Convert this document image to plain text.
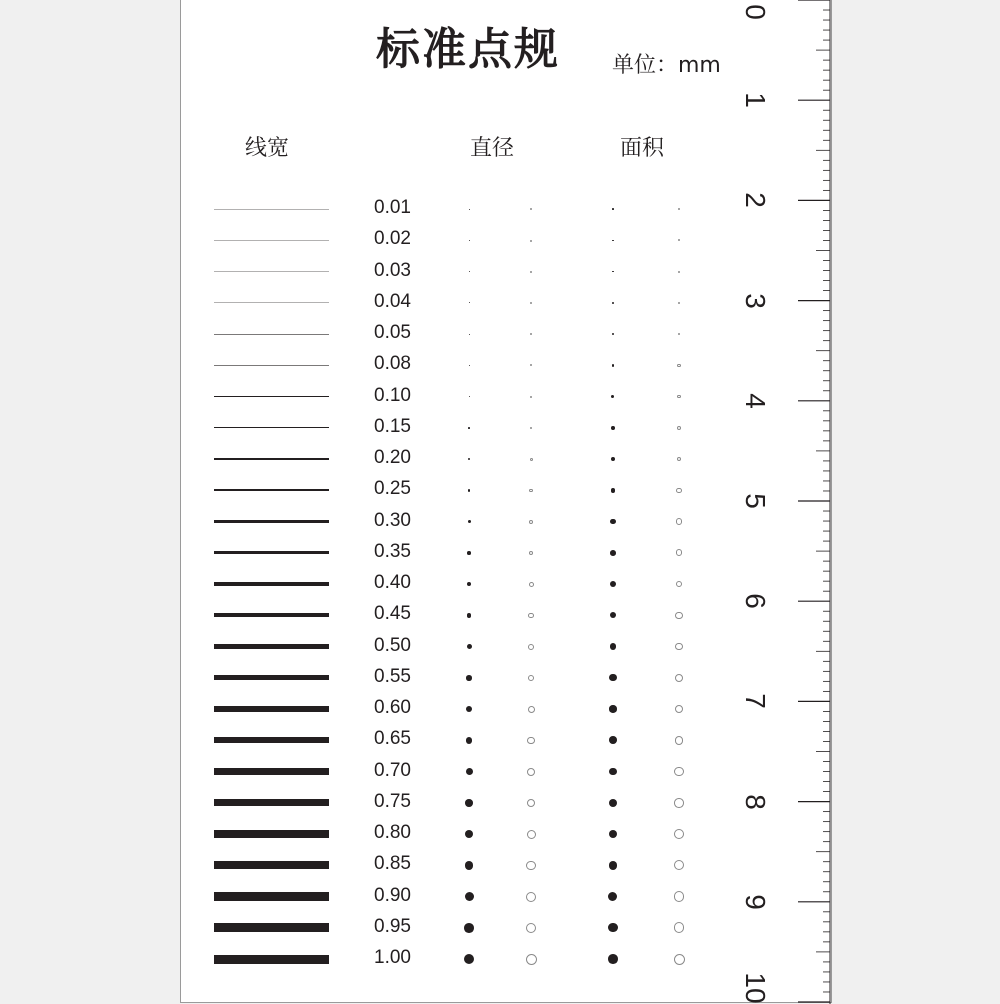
标准点规 单位：mm
线宽	直径	面积
0.01
0.02
0.03
0.04
0.05
0.08
0.10
0.15
0.20
0.25
0.30
0.35
0.40
0.45
0.50
0.55
0.60
0.65
0.70
0.75
0.80
0.85
0.90
0.95
1.00
0
1
2
3
4
5
6
7
8
9
10
